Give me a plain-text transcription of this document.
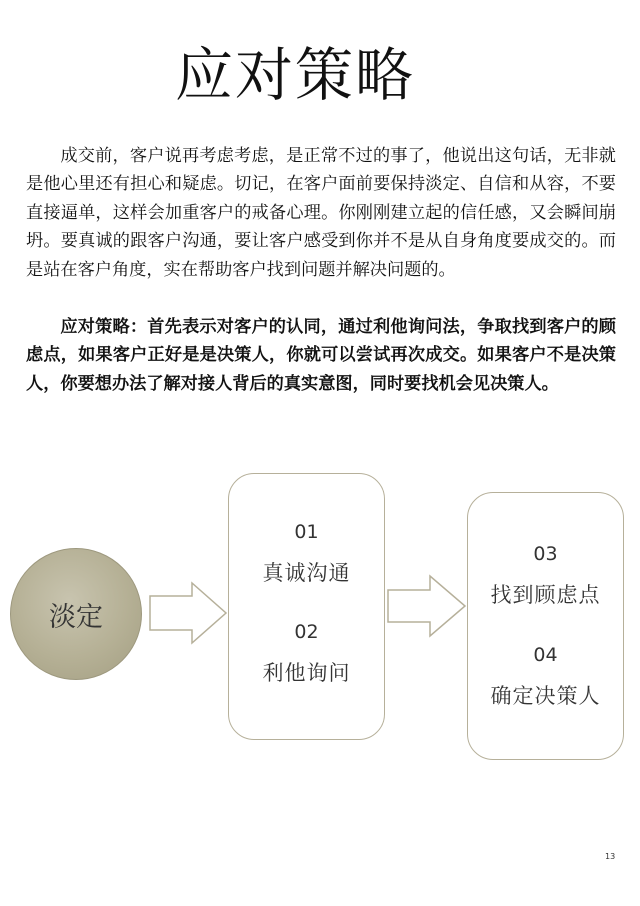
应对策略

成交前，客户说再考虑考虑，是正常不过的事了，他说出这句话，无非就是他心里还有担心和疑虑。切记，在客户面前要保持淡定、自信和从容，不要直接逼单，这样会加重客户的戒备心理。你刚刚建立起的信任感，又会瞬间崩坍。要真诚的跟客户沟通，要让客户感受到你并不是从自身角度要成交的。而是站在客户角度，实在帮助客户找到问题并解决问题的。

应对策略：首先表示对客户的认同，通过利他询问法，争取找到客户的顾虑点，如果客户正好是是决策人，你就可以尝试再次成交。如果客户不是决策人，你要想办法了解对接人背后的真实意图，同时要找机会见决策人。

淡定
01
真诚沟通
02
利他询问
03
找到顾虑点
04
确定决策人
13
